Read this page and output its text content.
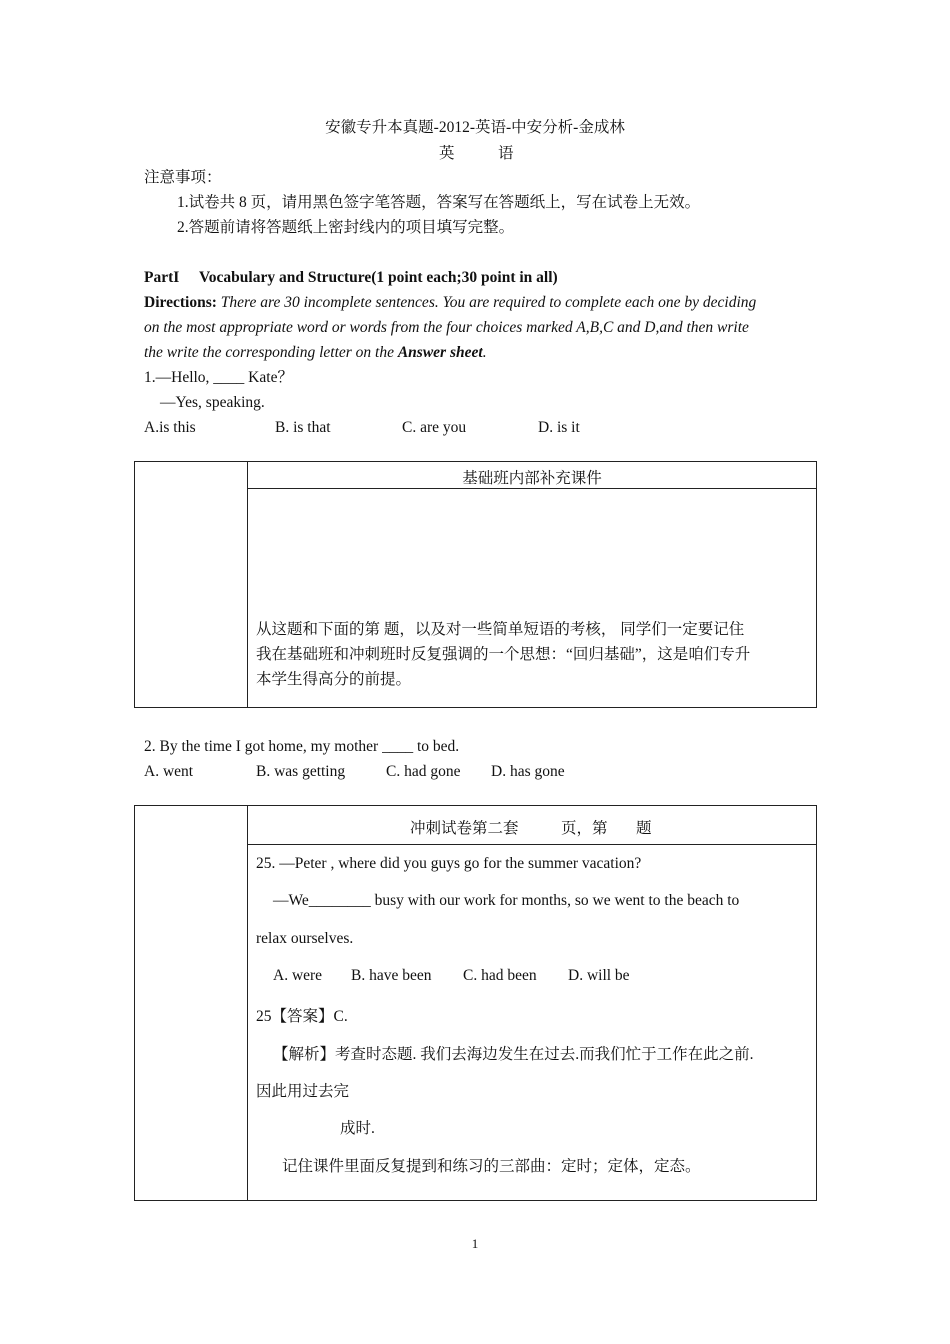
安徽专升本真题-2012-英语-中安分析-金成林
英	语
注意事项：
1.试卷共 8 页，请用黑色签字笔答题，答案写在答题纸上，写在试卷上无效。
2.答题前请将答题纸上密封线内的项目填写完整。
PartI Vocabulary and Structure(1 point each;30 point in all)
Directions: There are 30 incomplete sentences. You are required to complete each one by deciding
on the most appropriate word or words from the four choices marked A,B,C and D,and then write
the write the corresponding letter on the Answer sheet.
1.—Hello, ____ Kate？
—Yes, speaking.
A.is this	B. is that	C. are you	D. is it
基础班内部补充课件
从这题和下面的第 题，以及对一些简单短语的考核， 同学们一定要记住
我在基础班和冲刺班时反复强调的一个思想：“回归基础”，这是咱们专升
本学生得高分的前提。
2. By the time I got home, my mother ____ to bed.
A. went	B. was getting	C. had gone D. has gone
冲刺试卷第二套	页，第 题
25. —Peter , where did you guys go for the summer vacation?
—We________ busy with our work for months, so we went to the beach to
relax ourselves.
A. were B. have been C. had been D. will be
25【答案】C.
【解析】考查时态题. 我们去海边发生在过去.而我们忙于工作在此之前.
因此用过去完
成时.
记住课件里面反复提到和练习的三部曲：定时；定体，定态。
1
